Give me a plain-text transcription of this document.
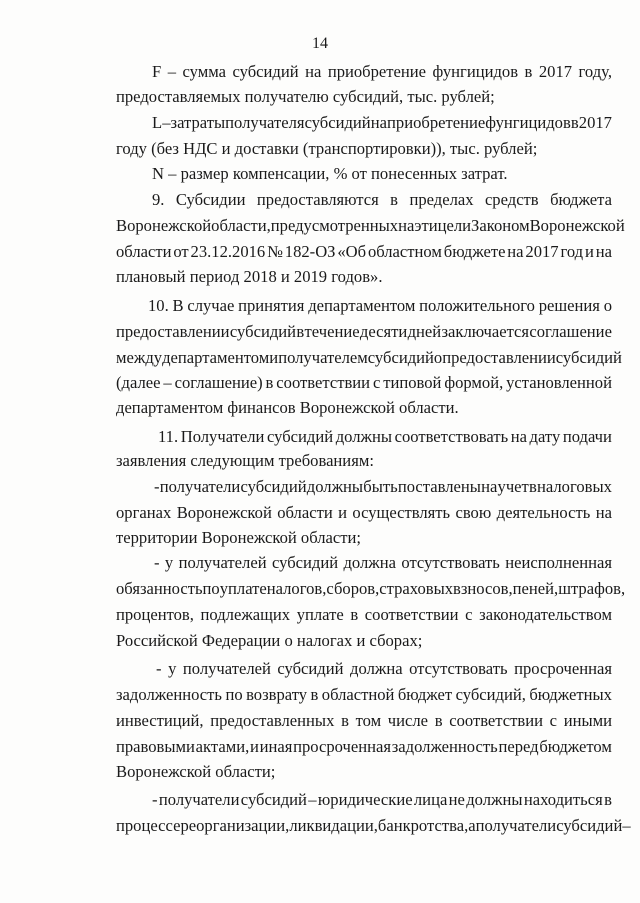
14
F – сумма субсидий на приобретение фунгицидов в 2017 году,
предоставляемых получателю субсидий, тыс. рублей;
L – затраты получателя субсидий на приобретение фунгицидов в 2017
году (без НДС и доставки (транспортировки)), тыс. рублей;
N – размер компенсации, % от понесенных затрат.
9. Субсидии предоставляются в пределах средств бюджета
Воронежской области, предусмотренных на эти цели Законом Воронежской
области от 23.12.2016 № 182-ОЗ «Об областном бюджете на 2017 год и на
плановый период 2018 и 2019 годов».
10. В случае принятия департаментом положительного решения о
предоставлении субсидий в течение десяти дней заключается соглашение
между департаментом и получателем субсидий о предоставлении субсидий
(далее – соглашение) в соответствии с типовой формой, установленной
департаментом финансов Воронежской области.
11. Получатели субсидий должны соответствовать на дату подачи
заявления следующим требованиям:
- получатели субсидий должны быть поставлены на учет в налоговых
органах Воронежской области и осуществлять свою деятельность на
территории Воронежской области;
- у получателей субсидий должна отсутствовать неисполненная
обязанность по уплате налогов, сборов, страховых взносов, пеней, штрафов,
процентов, подлежащих уплате в соответствии с законодательством
Российской Федерации о налогах и сборах;
- у получателей субсидий должна отсутствовать просроченная
задолженность по возврату в областной бюджет субсидий, бюджетных
инвестиций, предоставленных в том числе в соответствии с иными
правовыми актами, и иная просроченная задолженность перед бюджетом
Воронежской области;
- получатели субсидий – юридические лица не должны находиться в
процессе реорганизации, ликвидации, банкротства, а получатели субсидий –
